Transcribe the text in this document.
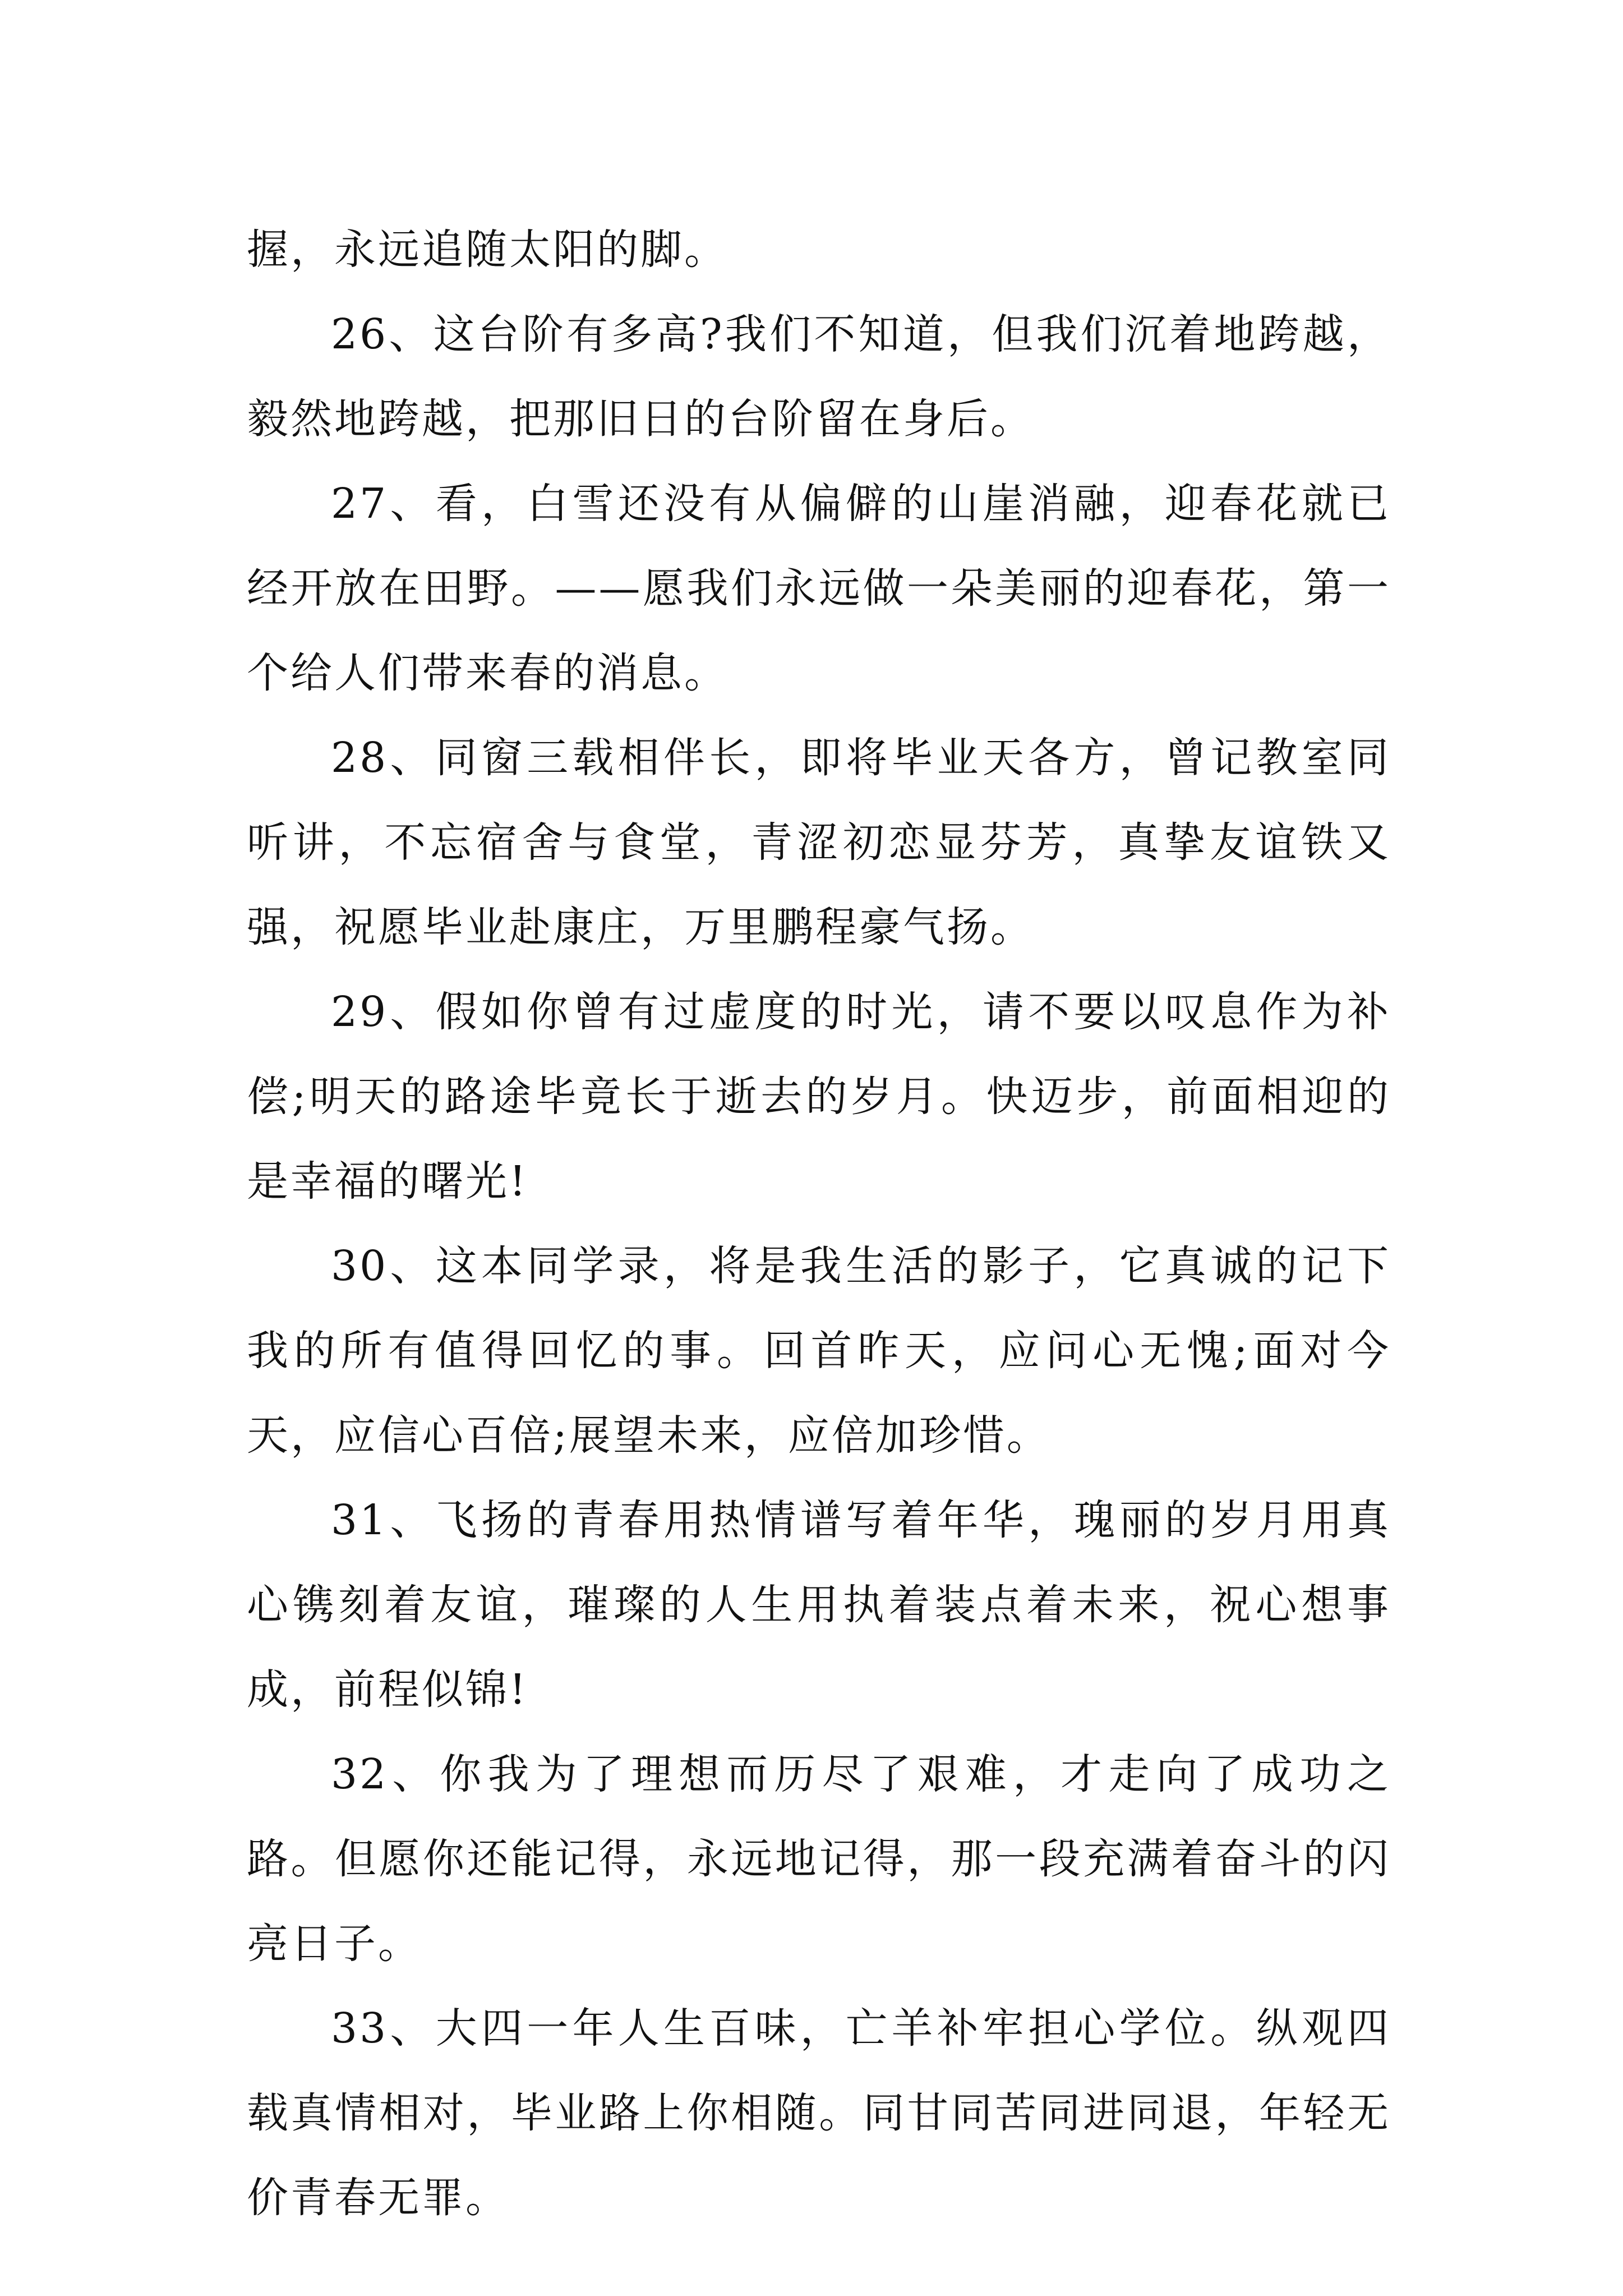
握，永远追随太阳的脚。

26、这台阶有多高?我们不知道，但我们沉着地跨越，毅然地跨越，把那旧日的台阶留在身后。

27、看，白雪还没有从偏僻的山崖消融，迎春花就已经开放在田野。——愿我们永远做一朵美丽的迎春花，第一个给人们带来春的消息。

28、同窗三载相伴长，即将毕业天各方，曾记教室同听讲，不忘宿舍与食堂，青涩初恋显芬芳，真挚友谊铁又强，祝愿毕业赴康庄，万里鹏程豪气扬。

29、假如你曾有过虚度的时光，请不要以叹息作为补偿;明天的路途毕竟长于逝去的岁月。快迈步，前面相迎的是幸福的曙光!

30、这本同学录，将是我生活的影子，它真诚的记下我的所有值得回忆的事。回首昨天，应问心无愧;面对今天，应信心百倍;展望未来，应倍加珍惜。

31、飞扬的青春用热情谱写着年华，瑰丽的岁月用真心镌刻着友谊，璀璨的人生用执着装点着未来，祝心想事成，前程似锦!

32、你我为了理想而历尽了艰难，才走向了成功之路。但愿你还能记得，永远地记得，那一段充满着奋斗的闪亮日子。

33、大四一年人生百味，亡羊补牢担心学位。纵观四载真情相对，毕业路上你相随。同甘同苦同进同退，年轻无价青春无罪。
